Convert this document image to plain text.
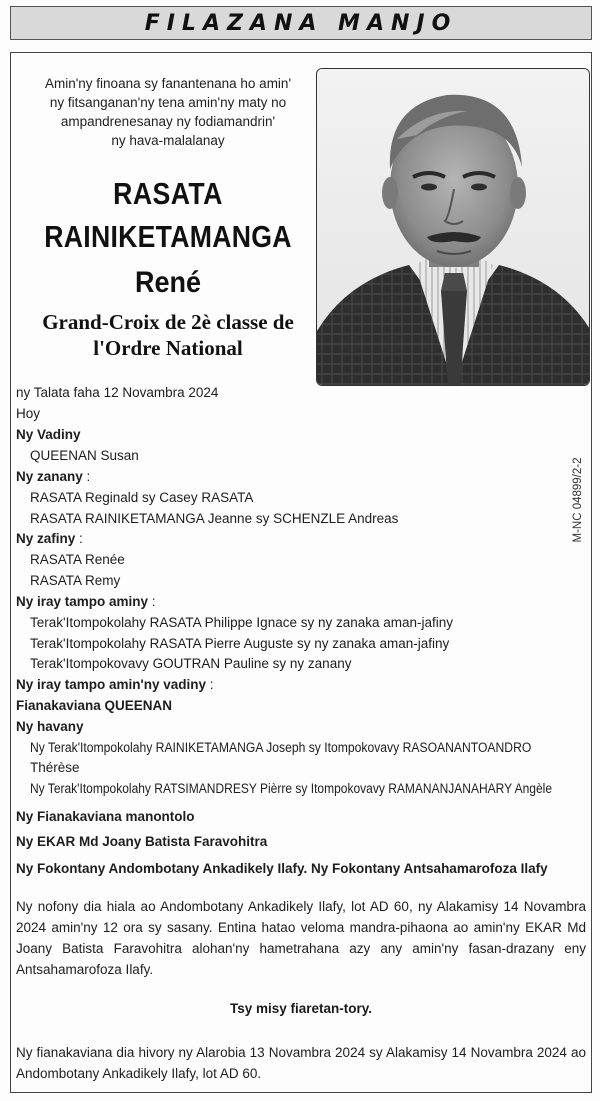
FILAZANA MANJO
Amin'ny finoana sy fanantenana ho amin'
ny fitsanganan'ny tena amin'ny maty no
ampandrenesanay ny fodiamandrin'
ny hava-malalanay
RASATA
RAINIKETAMANGA
René
Grand-Croix de 2è classe de
l'Ordre National
M-NC 04899/2-2
ny Talata faha 12 Novambra 2024
Hoy
Ny Vadiny
QUEENAN Susan
Ny zanany :
RASATA Reginald sy Casey RASATA
RASATA RAINIKETAMANGA Jeanne sy SCHENZLE Andreas
Ny zafiny :
RASATA Renée
RASATA Remy
Ny iray tampo aminy :
Terak'Itompokolahy RASATA Philippe Ignace sy ny zanaka aman-jafiny
Terak'Itompokolahy RASATA Pierre Auguste sy ny zanaka aman-jafiny
Terak'Itompokovavy GOUTRAN Pauline sy ny zanany
Ny iray tampo amin'ny vadiny :
Fianakaviana QUEENAN
Ny havany
Ny Terak'Itompokolahy RAINIKETAMANGA Joseph sy Itompokovavy RASOANANTOANDRO
Thérèse
Ny Terak'Itompokolahy RATSIMANDRESY Pièrre sy Itompokovavy RAMANANJANAHARY Angèle
Ny Fianakaviana manontolo
Ny EKAR Md Joany Batista Faravohitra
Ny Fokontany Andombotany Ankadikely Ilafy. Ny Fokontany Antsahamarofoza Ilafy
Ny nofony dia hiala ao Andombotany Ankadikely Ilafy, lot AD 60, ny Alakamisy 14 Novambra 2024 amin'ny 12 ora sy sasany. Entina hatao veloma mandra-pihaona ao amin'ny EKAR Md Joany Batista Faravohitra alohan'ny hametrahana azy any amin'ny fasan-drazany eny Antsahamarofoza Ilafy.
Tsy misy fiaretan-tory.
Ny fianakaviana dia hivory ny Alarobia 13 Novambra 2024 sy Alakamisy 14 Novambra 2024 ao Andombotany Ankadikely Ilafy, lot AD 60.
